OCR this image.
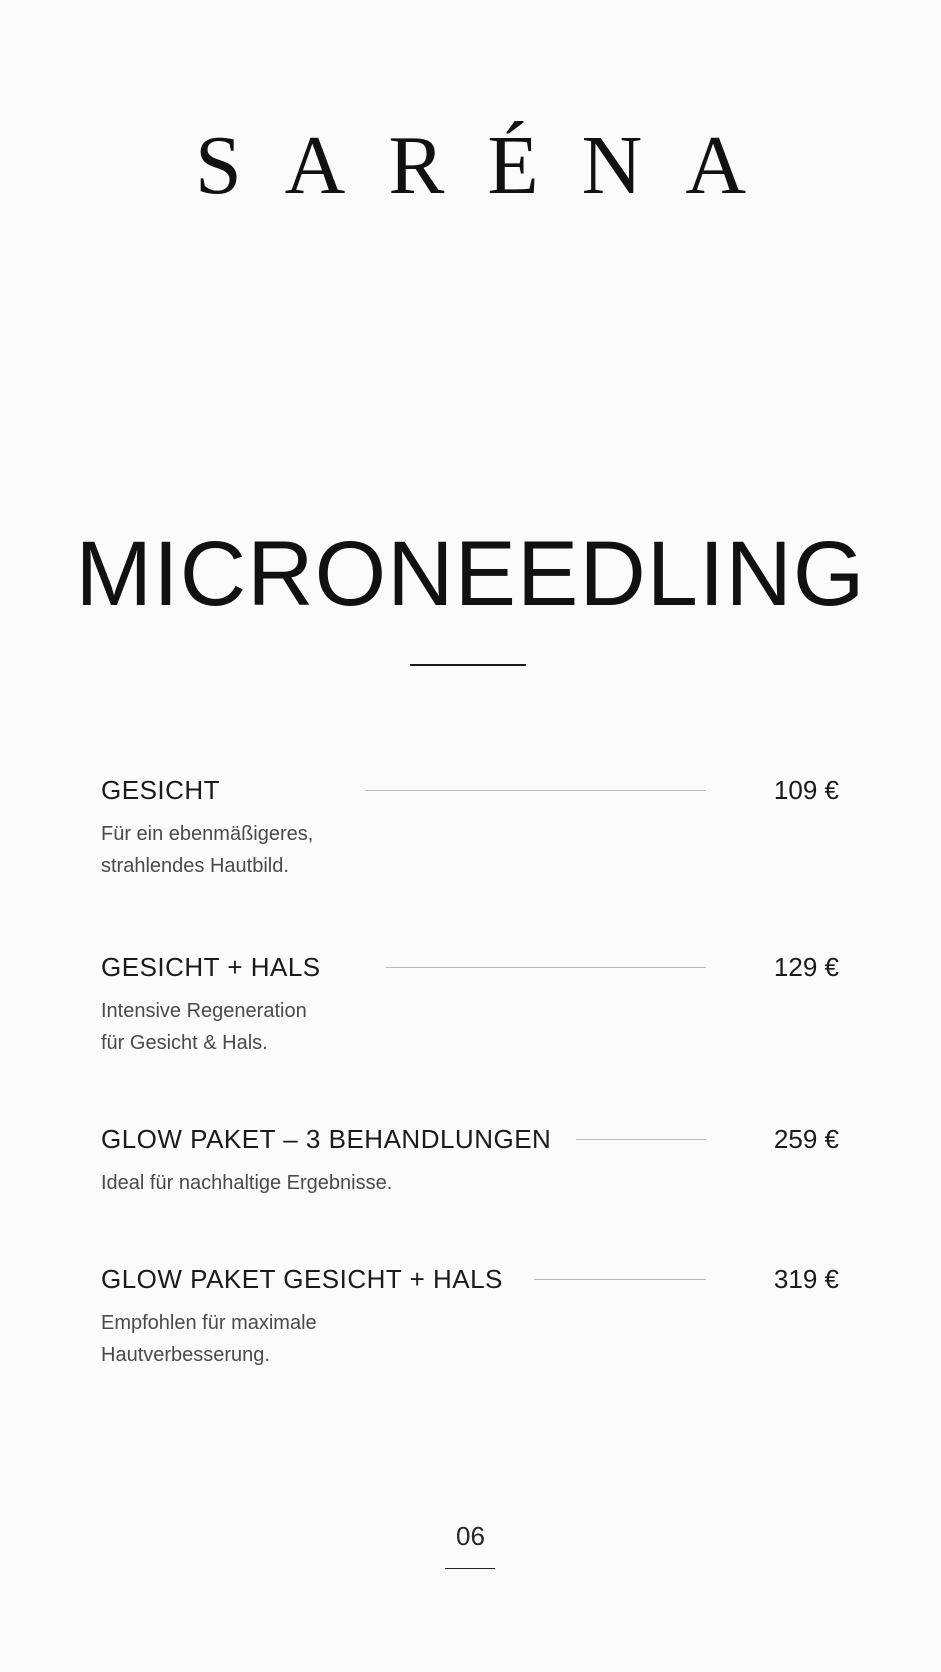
SARÉNA
MICRONEEDLING
GESICHT	109 €
Für ein ebenmäßigeres,
strahlendes Hautbild.
GESICHT + HALS	129 €
Intensive Regeneration
für Gesicht & Hals.
GLOW PAKET – 3 BEHANDLUNGEN	259 €
Ideal für nachhaltige Ergebnisse.
GLOW PAKET GESICHT + HALS	319 €
Empfohlen für maximale
Hautverbesserung.
06
